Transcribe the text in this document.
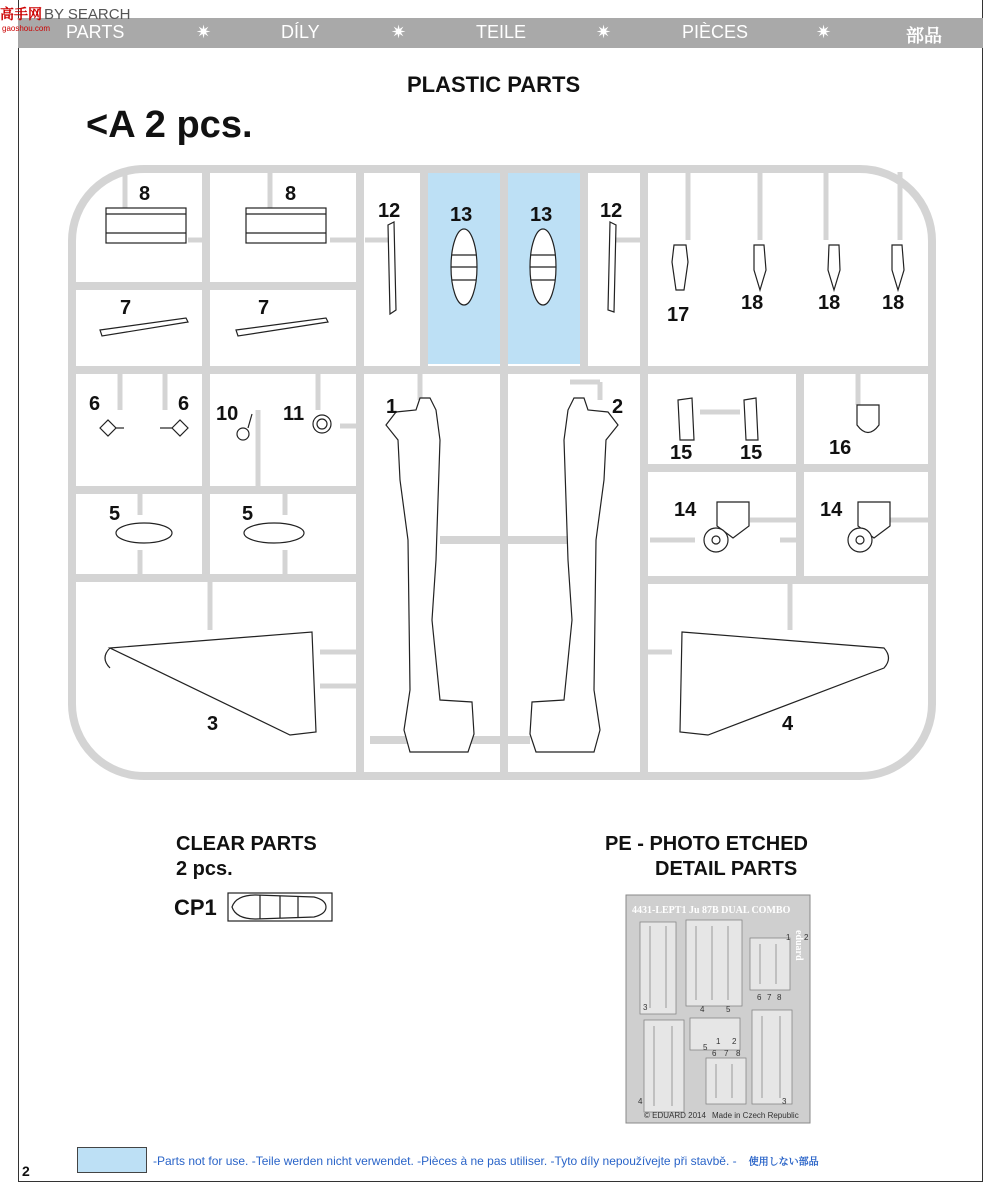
PARTS	✷	DÍLY	✷	TEILE	✷	PIÈCES	✷	部品
高手网 BY SEARCH
gaoshou.com
PLASTIC PARTS
<A 2 pcs.
8	8
7	7
12 13	13 12
17
18	18 18
6	6 10 11	1	2
15 15	16
14	14
5	5
3	4
4431-LEPT1 Ju 87B DUAL COMBO
eduard
1 2
3	4	5
6 7 8
1 2
5
6 7 8
4	3
© EDUARD 2014 Made in Czech Republic
CLEAR PARTS
2 pcs.
CP1
PE - PHOTO ETCHED
DETAIL PARTS
-Parts not for use. -Teile werden nicht verwendet. -Pièces à ne pas utiliser. -Tyto díly nepoužívejte při stavbě. - 使用しない部品
2
